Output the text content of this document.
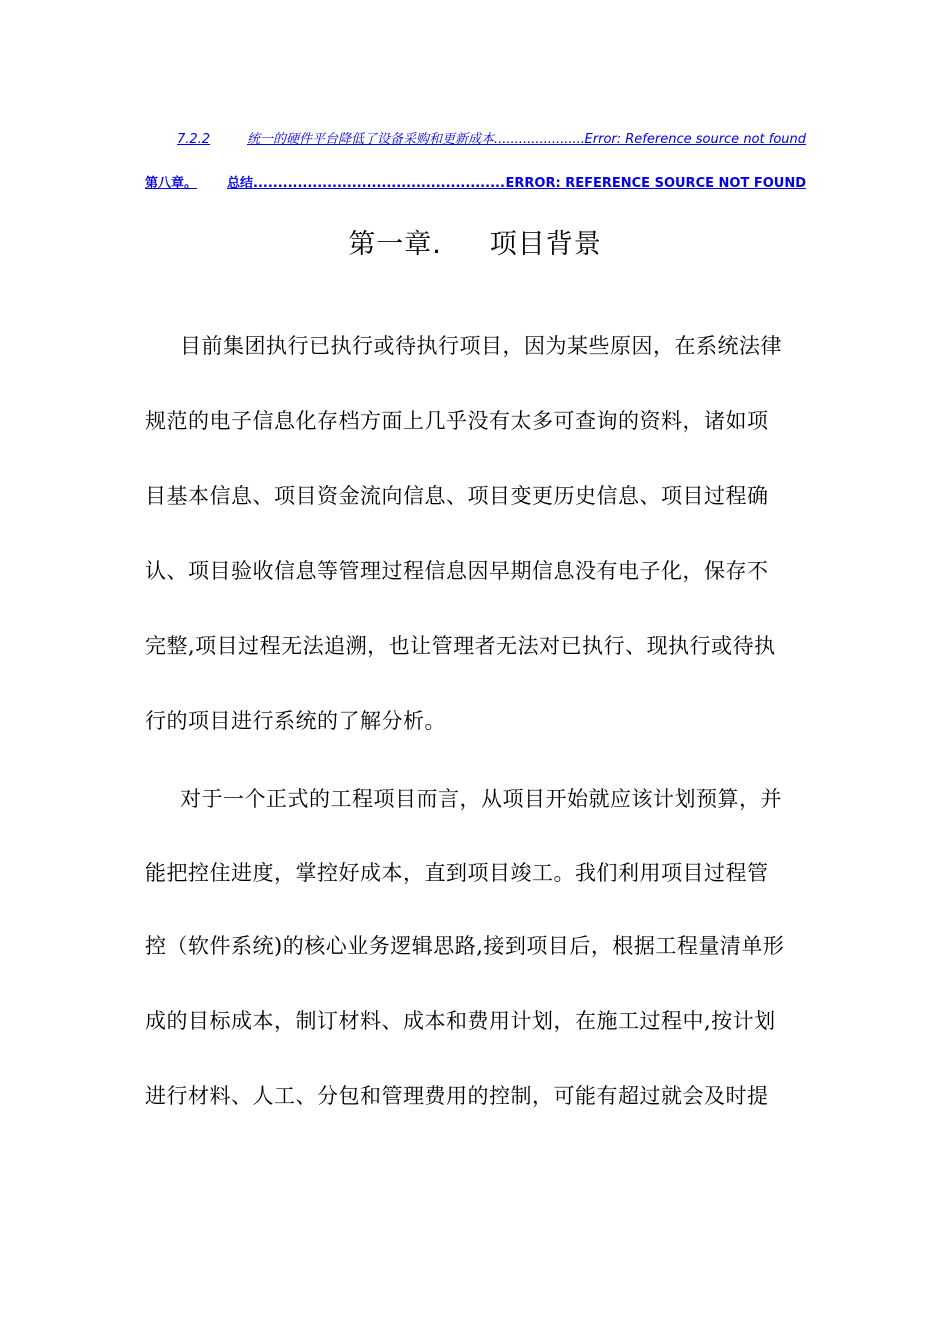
7.2.2	统一的硬件平台降低了设备采购和更新成本 .....	Error: Reference source not found
第八章。	总结 .....	ERROR: REFERENCE SOURCE NOT FOUND
第一章. 项目背景
目前集团执行已执行或待执行项目，因为某些原因，在系统法律
规范的电子信息化存档方面上几乎没有太多可查询的资料，诸如项
目基本信息、项目资金流向信息、项目变更历史信息、项目过程确
认、项目验收信息等管理过程信息因早期信息没有电子化，保存不
完整,项目过程无法追溯，也让管理者无法对已执行、现执行或待执
行的项目进行系统的了解分析。
对于一个正式的工程项目而言，从项目开始就应该计划预算，并
能把控住进度，掌控好成本，直到项目竣工。我们利用项目过程管
控（软件系统)的核心业务逻辑思路,接到项目后，根据工程量清单形
成的目标成本，制订材料、成本和费用计划，在施工过程中,按计划
进行材料、人工、分包和管理费用的控制，可能有超过就会及时提
